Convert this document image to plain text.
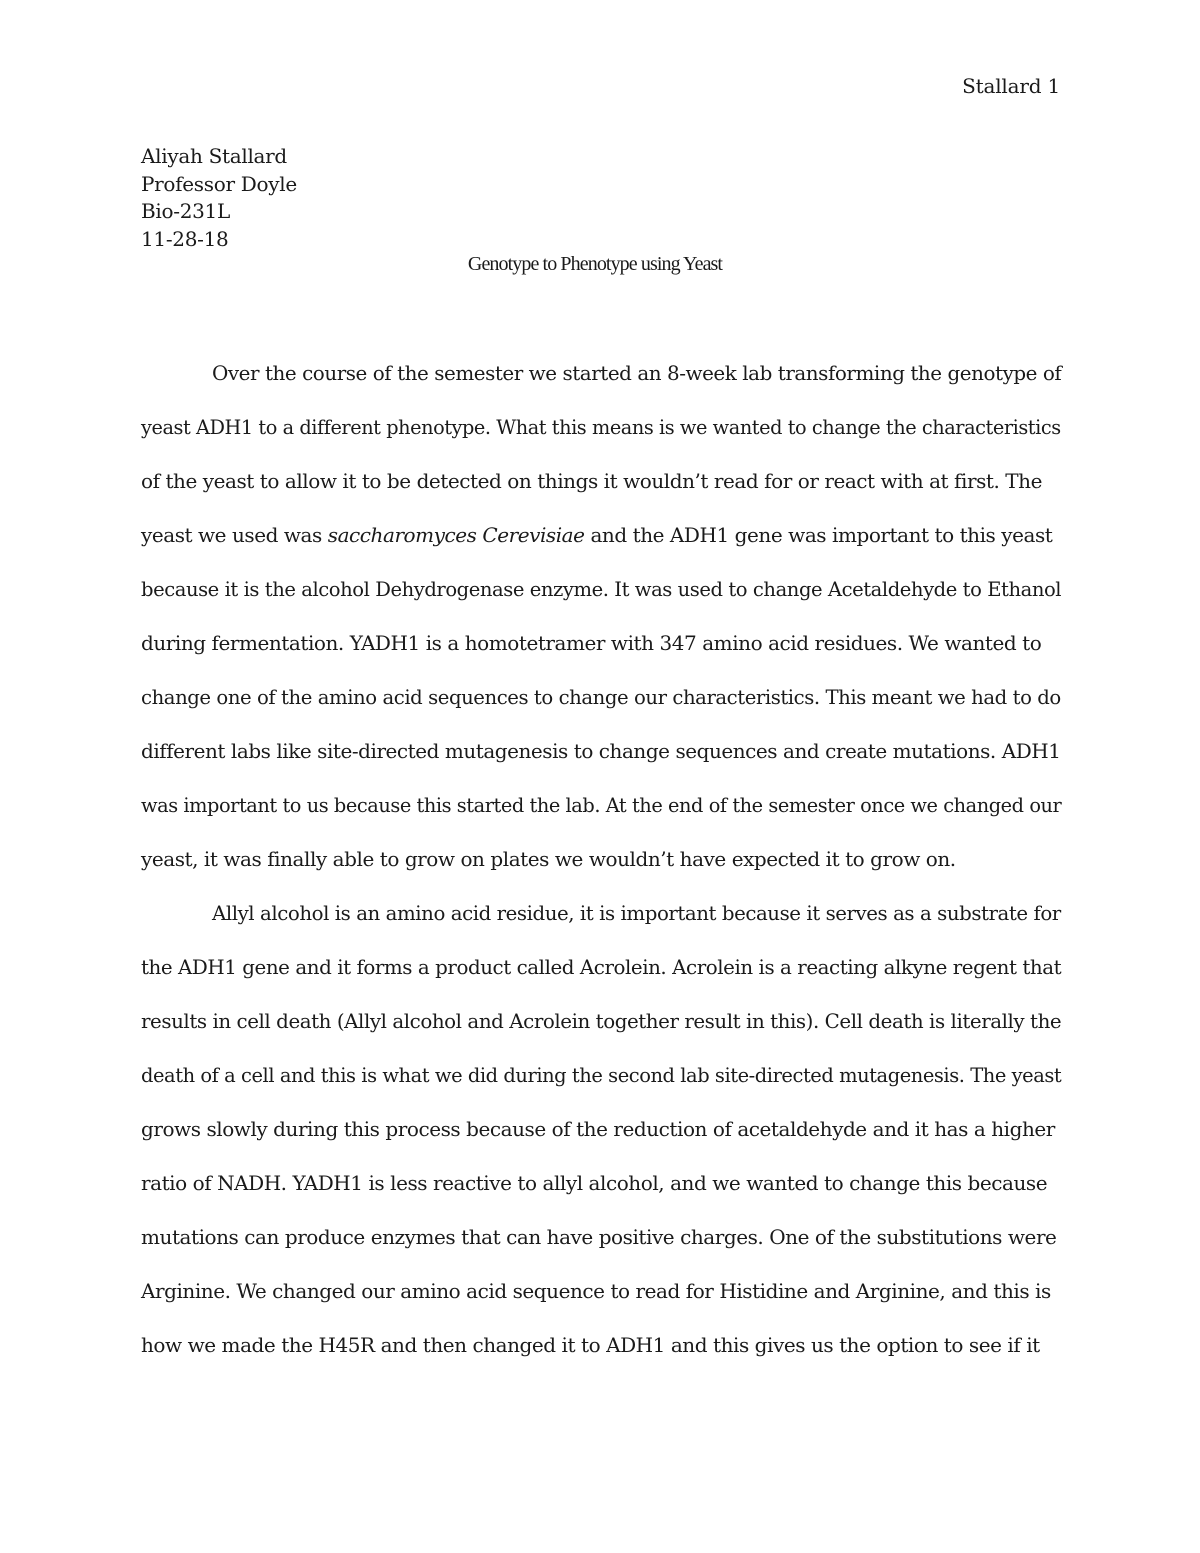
Stallard 1
Aliyah Stallard
Professor Doyle
Bio-231L
11-28-18
Genotype to Phenotype using Yeast
Over the course of the semester we started an 8-week lab transforming the genotype of
yeast ADH1 to a different phenotype. What this means is we wanted to change the characteristics
of the yeast to allow it to be detected on things it wouldn’t read for or react with at first. The
yeast we used was saccharomyces Cerevisiae and the ADH1 gene was important to this yeast
because it is the alcohol Dehydrogenase enzyme. It was used to change Acetaldehyde to Ethanol
during fermentation. YADH1 is a homotetramer with 347 amino acid residues. We wanted to
change one of the amino acid sequences to change our characteristics. This meant we had to do
different labs like site-directed mutagenesis to change sequences and create mutations. ADH1
was important to us because this started the lab. At the end of the semester once we changed our
yeast, it was finally able to grow on plates we wouldn’t have expected it to grow on.
Allyl alcohol is an amino acid residue, it is important because it serves as a substrate for
the ADH1 gene and it forms a product called Acrolein. Acrolein is a reacting alkyne regent that
results in cell death (Allyl alcohol and Acrolein together result in this). Cell death is literally the
death of a cell and this is what we did during the second lab site-directed mutagenesis. The yeast
grows slowly during this process because of the reduction of acetaldehyde and it has a higher
ratio of NADH. YADH1 is less reactive to allyl alcohol, and we wanted to change this because
mutations can produce enzymes that can have positive charges. One of the substitutions were
Arginine. We changed our amino acid sequence to read for Histidine and Arginine, and this is
how we made the H45R and then changed it to ADH1 and this gives us the option to see if it
